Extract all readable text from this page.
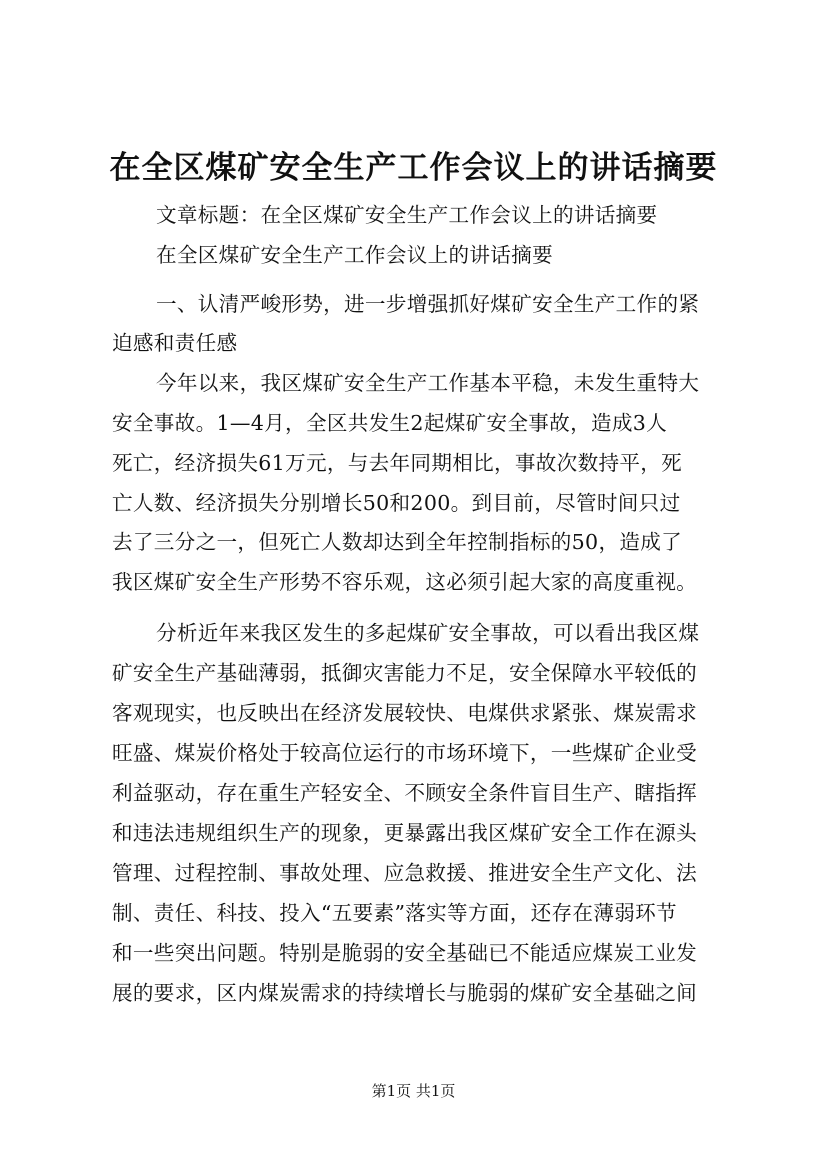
在全区煤矿安全生产工作会议上的讲话摘要
文章标题：在全区煤矿安全生产工作会议上的讲话摘要
在全区煤矿安全生产工作会议上的讲话摘要
一、认清严峻形势，进一步增强抓好煤矿安全生产工作的紧
迫感和责任感
今年以来，我区煤矿安全生产工作基本平稳，未发生重特大
安全事故。1—4月，全区共发生2起煤矿安全事故，造成3人
死亡，经济损失61万元，与去年同期相比，事故次数持平，死
亡人数、经济损失分别增长50和200。到目前，尽管时间只过
去了三分之一，但死亡人数却达到全年控制指标的50，造成了
我区煤矿安全生产形势不容乐观，这必须引起大家的高度重视。
分析近年来我区发生的多起煤矿安全事故，可以看出我区煤
矿安全生产基础薄弱，抵御灾害能力不足，安全保障水平较低的
客观现实，也反映出在经济发展较快、电煤供求紧张、煤炭需求
旺盛、煤炭价格处于较高位运行的市场环境下，一些煤矿企业受
利益驱动，存在重生产轻安全、不顾安全条件盲目生产、瞎指挥
和违法违规组织生产的现象，更暴露出我区煤矿安全工作在源头
管理、过程控制、事故处理、应急救援、推进安全生产文化、法
制、责任、科技、投入“五要素”落实等方面，还存在薄弱环节
和一些突出问题。特别是脆弱的安全基础已不能适应煤炭工业发
展的要求，区内煤炭需求的持续增长与脆弱的煤矿安全基础之间
第1页 共1页
